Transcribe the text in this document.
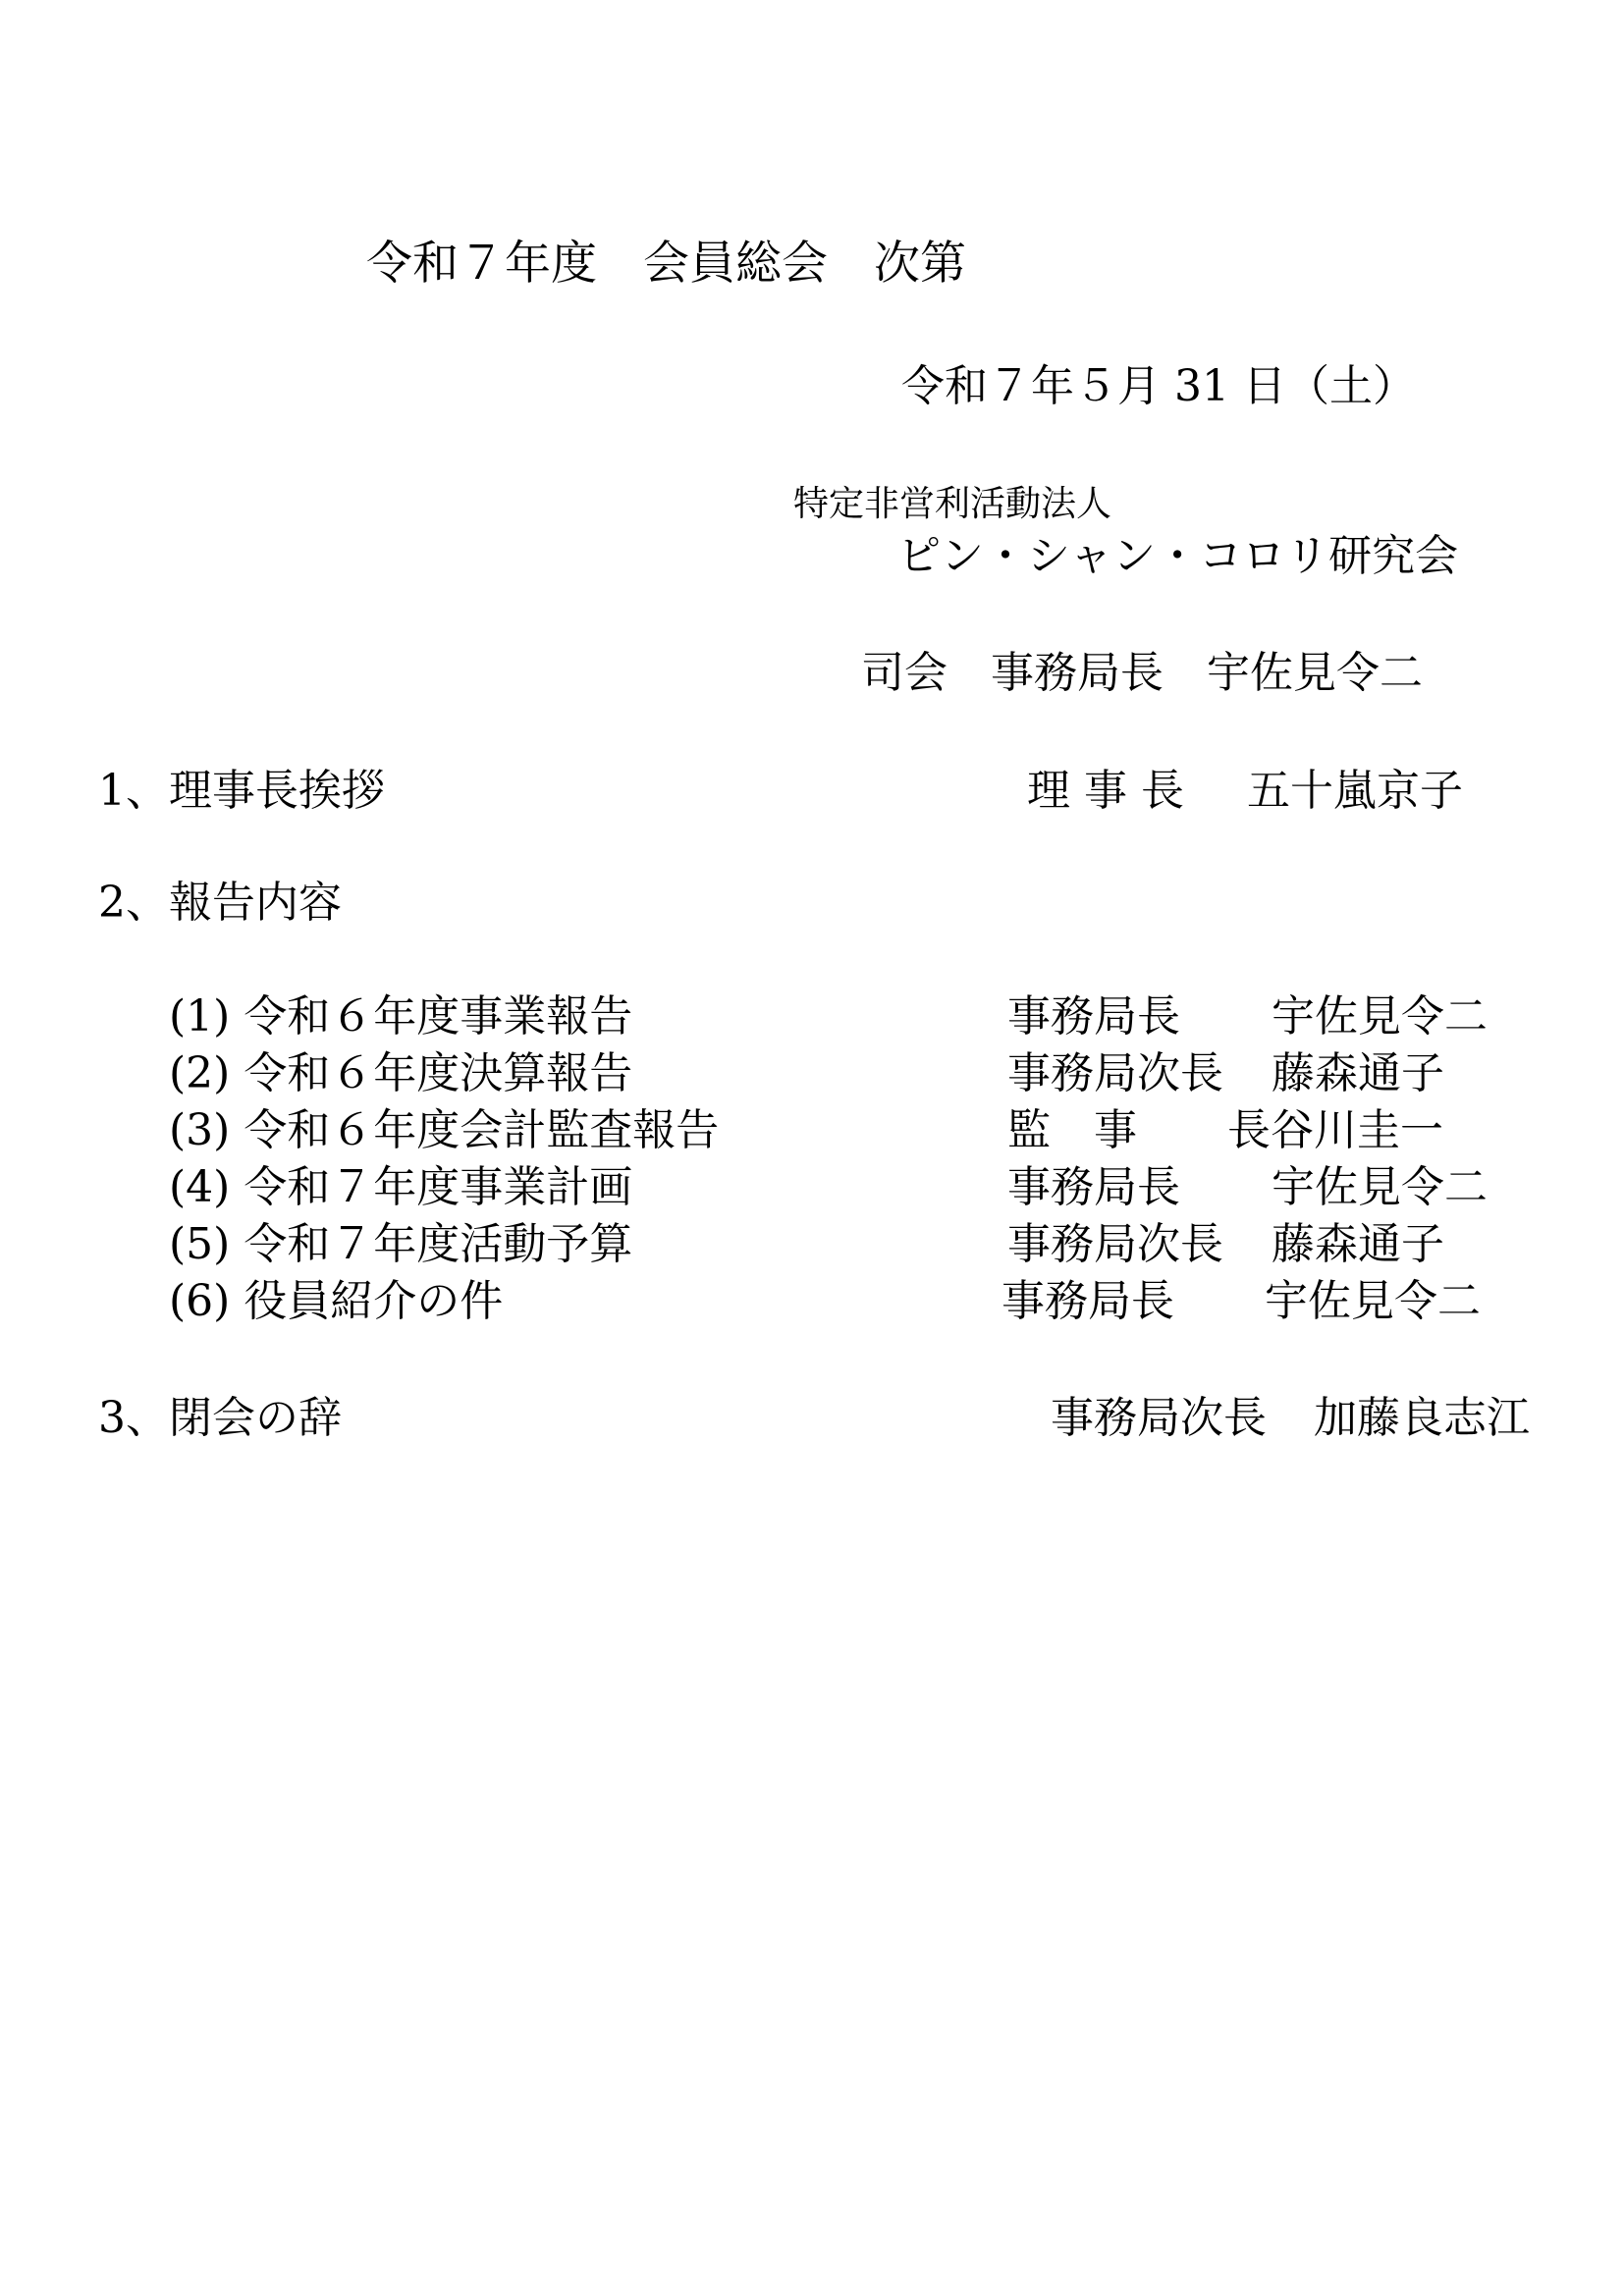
令和７年度　会員総会　次第
令和７年５月 31 日（土）
特定非営利活動法人
ピン・シャン・コロリ研究会
司会　事務局長　宇佐見令二
1、理事長挨拶	理 事 長 五十嵐京子
2、報告内容
(1) 令和６年度事業報告	事務局長 宇佐見令二
(2) 令和６年度決算報告	事務局次長 藤森通子
(3) 令和６年度会計監査報告	監　事 長谷川圭一
(4) 令和７年度事業計画	事務局長 宇佐見令二
(5) 令和７年度活動予算	事務局次長 藤森通子
(6) 役員紹介の件	事務局長 宇佐見令二
3、閉会の辞	事務局次長 加藤良志江
